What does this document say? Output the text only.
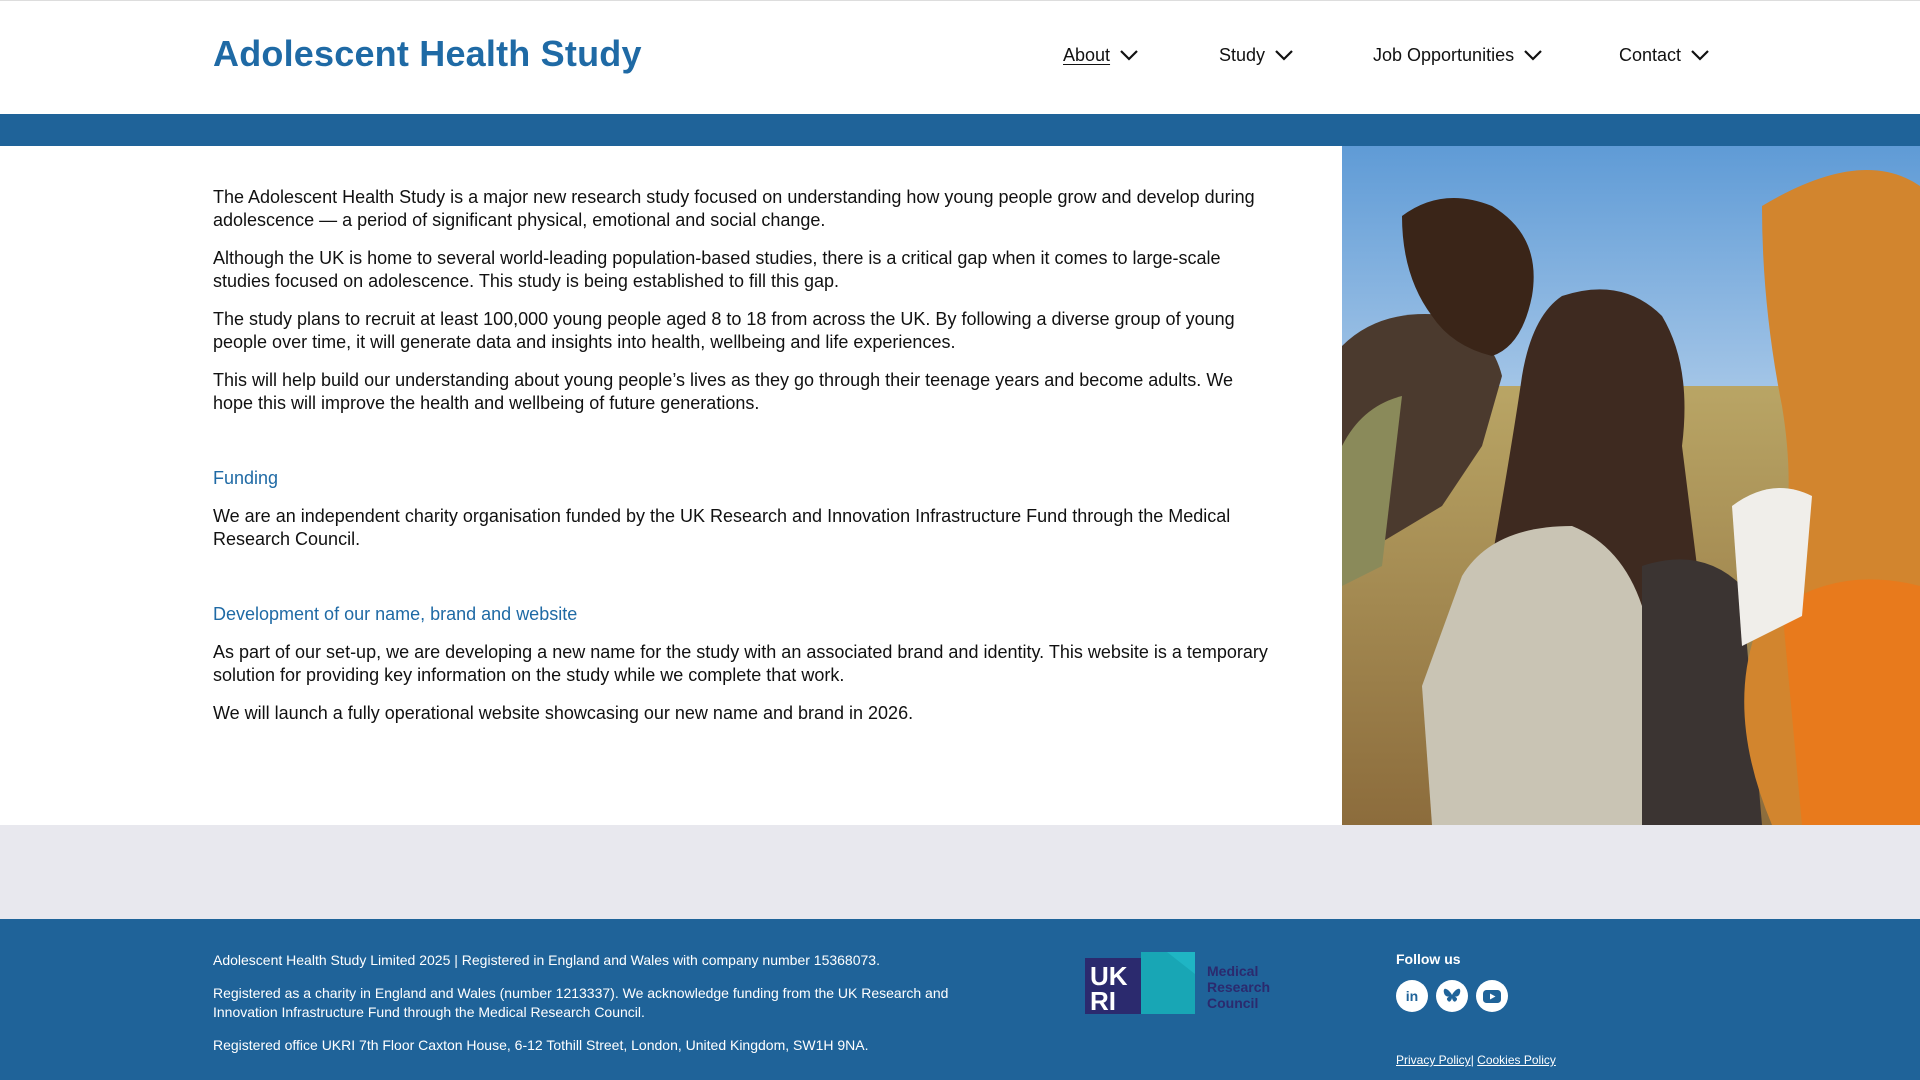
Adolescent Health Study	About	Study	Job Opportunities	Contact

The Adolescent Health Study is a major new research study focused on understanding how young people grow and develop during adolescence — a period of significant physical, emotional and social change.

Although the UK is home to several world-leading population-based studies, there is a critical gap when it comes to large-scale studies focused on adolescence. This study is being established to fill this gap.

The study plans to recruit at least 100,000 young people aged 8 to 18 from across the UK. By following a diverse group of young people over time, it will generate data and insights into health, wellbeing and life experiences.

This will help build our understanding about young people’s lives as they go through their teenage years and become adults. We hope this will improve the health and wellbeing of future generations.

Funding

We are an independent charity organisation funded by the UK Research and Innovation Infrastructure Fund through the Medical Research Council.

Development of our name, brand and website

As part of our set-up, we are developing a new name for the study with an associated brand and identity. This website is a temporary solution for providing key information on the study while we complete that work.

We will launch a fully operational website showcasing our new name and brand in 2026.

Adolescent Health Study Limited 2025 | Registered in England and Wales with company number 15368073.

Registered as a charity in England and Wales (number 1213337). We acknowledge funding from the UK Research and Innovation Infrastructure Fund through the Medical Research Council.

Registered office UKRI 7th Floor Caxton House, 6-12 Tothill Street, London, United Kingdom, SW1H 9NA.

UK
RI
Medical
Research
Council
Follow us
in
Privacy Policy| Cookies Policy
